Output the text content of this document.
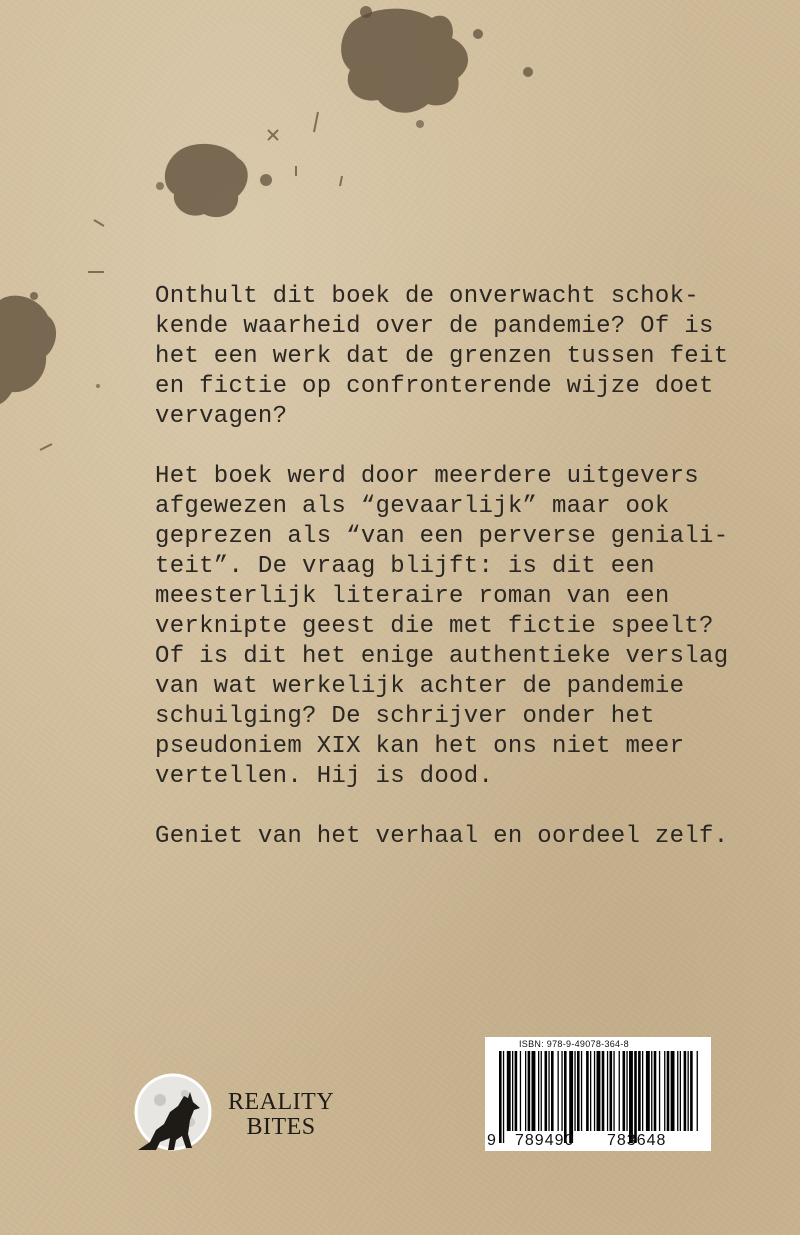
Onthult dit boek de onverwacht schok-
kende waarheid over de pandemie? Of is
het een werk dat de grenzen tussen feit
en fictie op confronterende wijze doet
vervagen?

Het boek werd door meerdere uitgevers
afgewezen als “gevaarlijk” maar ook
geprezen als “van een perverse geniali-
teit”. De vraag blijft: is dit een
meesterlijk literaire roman van een
verknipte geest die met fictie speelt?
Of is dit het enige authentieke verslag
van wat werkelijk achter de pandemie
schuilging? De schrijver onder het
pseudoniem XIX kan het ons niet meer
vertellen. Hij is dood.

Geniet van het verhaal en oordeel zelf.

REALITY
BITES
ISBN: 978-9-49078-364-8
9 789490 783648
